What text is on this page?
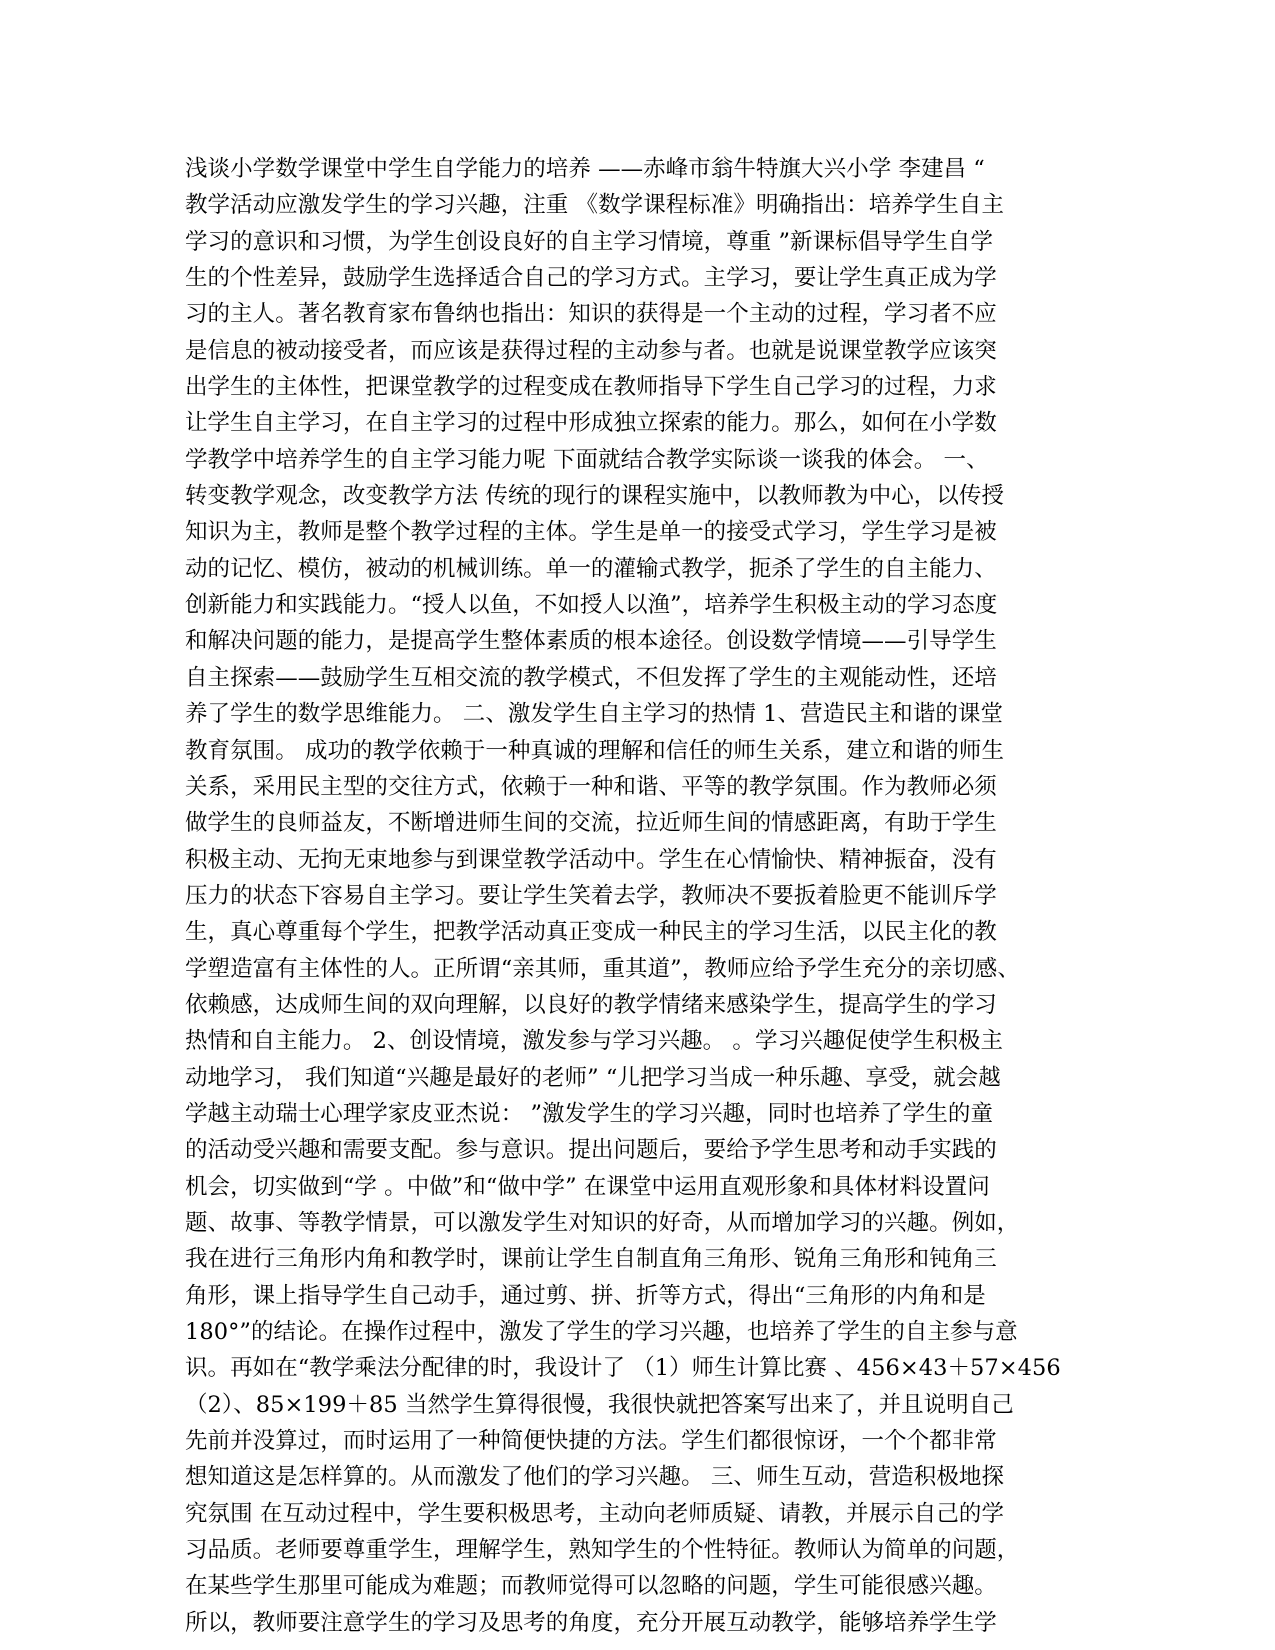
浅谈小学数学课堂中学生自学能力的培养 ——赤峰市翁牛特旗大兴小学 李建昌 “
教学活动应激发学生的学习兴趣，注重 《数学课程标准》明确指出：培养学生自主
学习的意识和习惯，为学生创设良好的自主学习情境，尊重 ”新课标倡导学生自学
生的个性差异，鼓励学生选择适合自己的学习方式。主学习，要让学生真正成为学
习的主人。著名教育家布鲁纳也指出：知识的获得是一个主动的过程，学习者不应
是信息的被动接受者，而应该是获得过程的主动参与者。也就是说课堂教学应该突
出学生的主体性，把课堂教学的过程变成在教师指导下学生自己学习的过程，力求
让学生自主学习，在自主学习的过程中形成独立探索的能力。那么，如何在小学数
学教学中培养学生的自主学习能力呢 下面就结合教学实际谈一谈我的体会。 一、
转变教学观念，改变教学方法 传统的现行的课程实施中，以教师教为中心，以传授
知识为主，教师是整个教学过程的主体。学生是单一的接受式学习，学生学习是被
动的记忆、模仿，被动的机械训练。单一的灌输式教学，扼杀了学生的自主能力、
创新能力和实践能力。“授人以鱼，不如授人以渔”，培养学生积极主动的学习态度
和解决问题的能力，是提高学生整体素质的根本途径。创设数学情境——引导学生
自主探索——鼓励学生互相交流的教学模式，不但发挥了学生的主观能动性，还培
养了学生的数学思维能力。 二、激发学生自主学习的热情 1、营造民主和谐的课堂
教育氛围。 成功的教学依赖于一种真诚的理解和信任的师生关系，建立和谐的师生
关系，采用民主型的交往方式，依赖于一种和谐、平等的教学氛围。作为教师必须
做学生的良师益友，不断增进师生间的交流，拉近师生间的情感距离，有助于学生
积极主动、无拘无束地参与到课堂教学活动中。学生在心情愉快、精神振奋，没有
压力的状态下容易自主学习。要让学生笑着去学，教师决不要扳着脸更不能训斥学
生，真心尊重每个学生，把教学活动真正变成一种民主的学习生活，以民主化的教
学塑造富有主体性的人。正所谓“亲其师，重其道”，教师应给予学生充分的亲切感、
依赖感，达成师生间的双向理解，以良好的教学情绪来感染学生，提高学生的学习
热情和自主能力。 2、创设情境，激发参与学习兴趣。 。学习兴趣促使学生积极主
动地学习， 我们知道“兴趣是最好的老师” “儿把学习当成一种乐趣、享受，就会越
学越主动瑞士心理学家皮亚杰说： ”激发学生的学习兴趣，同时也培养了学生的童
的活动受兴趣和需要支配。参与意识。提出问题后，要给予学生思考和动手实践的
机会，切实做到“学 。中做”和“做中学” 在课堂中运用直观形象和具体材料设置问
题、故事、等教学情景，可以激发学生对知识的好奇，从而增加学习的兴趣。例如，
我在进行三角形内角和教学时，课前让学生自制直角三角形、锐角三角形和钝角三
角形，课上指导学生自己动手，通过剪、拼、折等方式，得出“三角形的内角和是
180°”的结论。在操作过程中，激发了学生的学习兴趣，也培养了学生的自主参与意
识。再如在“教学乘法分配律的时，我设计了 （1）师生计算比赛 、456×43＋57×456
（2）、85×199＋85 当然学生算得很慢，我很快就把答案写出来了，并且说明自己
先前并没算过，而时运用了一种简便快捷的方法。学生们都很惊讶，一个个都非常
想知道这是怎样算的。从而激发了他们的学习兴趣。 三、师生互动，营造积极地探
究氛围 在互动过程中，学生要积极思考，主动向老师质疑、请教，并展示自己的学
习品质。老师要尊重学生，理解学生，熟知学生的个性特征。教师认为简单的问题，
在某些学生那里可能成为难题；而教师觉得可以忽略的问题，学生可能很感兴趣。
所以，教师要注意学生的学习及思考的角度，充分开展互动教学，能够培养学生学
